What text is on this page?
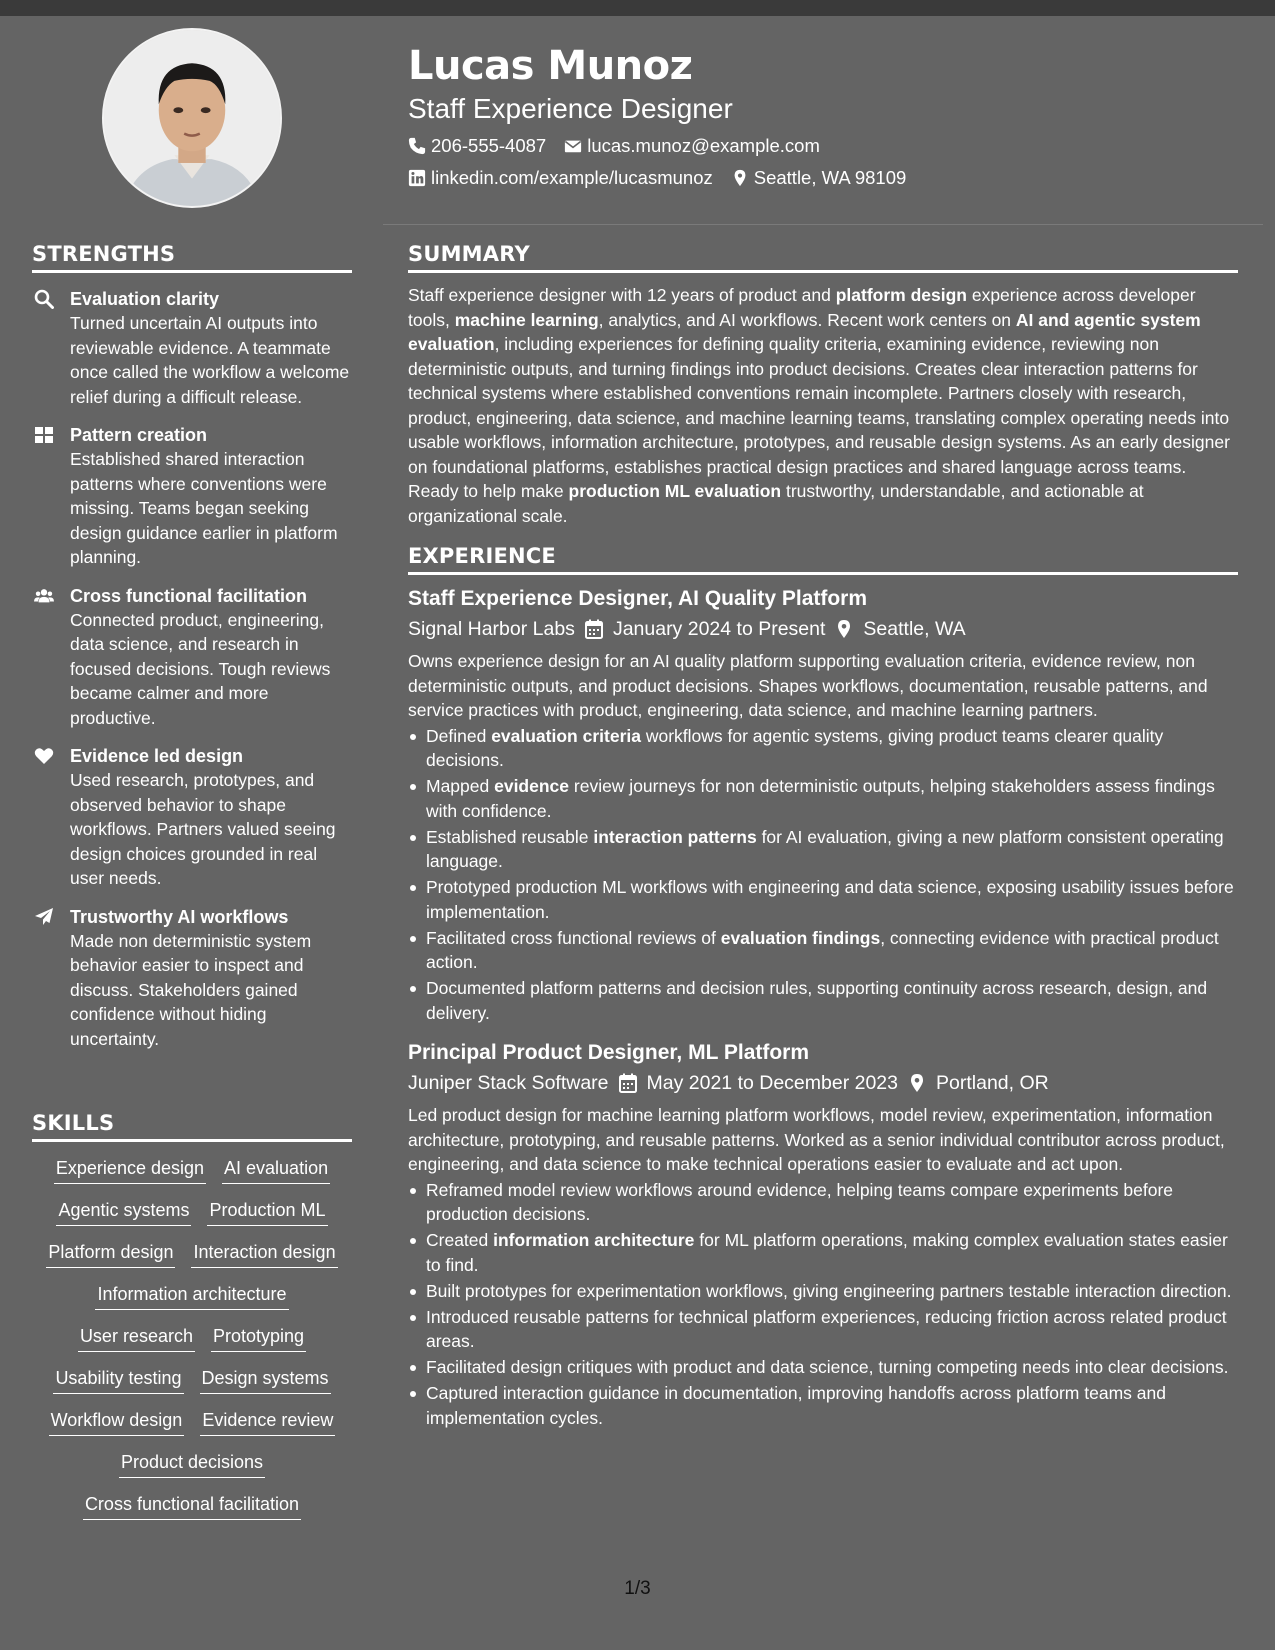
STRENGTHS
Evaluation clarity
Turned uncertain AI outputs into reviewable evidence. A teammate once called the workflow a welcome relief during a difficult release.
Pattern creation
Established shared interaction patterns where conventions were missing. Teams began seeking design guidance earlier in platform planning.
Cross functional facilitation
Connected product, engineering, data science, and research in focused decisions. Tough reviews became calmer and more productive.
Evidence led design
Used research, prototypes, and observed behavior to shape workflows. Partners valued seeing design choices grounded in real user needs.
Trustworthy AI workflows
Made non deterministic system behavior easier to inspect and discuss. Stakeholders gained confidence without hiding uncertainty.
SKILLS
Experience design AI evaluation
Agentic systems Production ML
Platform design Interaction design
Information architecture
User research Prototyping
Usability testing Design systems
Workflow design Evidence review
Product decisions
Cross functional facilitation
Lucas Munoz
Staff Experience Designer
206-555-4087 lucas.munoz@example.com
linkedin.com/example/lucasmunoz Seattle, WA 98109
SUMMARY
Staff experience designer with 12 years of product and platform design experience across developer tools, machine learning, analytics, and AI workflows. Recent work centers on AI and agentic system evaluation, including experiences for defining quality criteria, examining evidence, reviewing non deterministic outputs, and turning findings into product decisions. Creates clear interaction patterns for technical systems where established conventions remain incomplete. Partners closely with research, product, engineering, data science, and machine learning teams, translating complex operating needs into usable workflows, information architecture, prototypes, and reusable design systems. As an early designer on foundational platforms, establishes practical design practices and shared language across teams. Ready to help make production ML evaluation trustworthy, understandable, and actionable at organizational scale.
EXPERIENCE
Staff Experience Designer, AI Quality Platform
Signal Harbor Labs January 2024 to Present Seattle, WA
Owns experience design for an AI quality platform supporting evaluation criteria, evidence review, non deterministic outputs, and product decisions. Shapes workflows, documentation, reusable patterns, and service practices with product, engineering, data science, and machine learning partners.
Defined evaluation criteria workflows for agentic systems, giving product teams clearer quality decisions.
Mapped evidence review journeys for non deterministic outputs, helping stakeholders assess findings with confidence.
Established reusable interaction patterns for AI evaluation, giving a new platform consistent operating language.
Prototyped production ML workflows with engineering and data science, exposing usability issues before implementation.
Facilitated cross functional reviews of evaluation findings, connecting evidence with practical product action.
Documented platform patterns and decision rules, supporting continuity across research, design, and delivery.
Principal Product Designer, ML Platform
Juniper Stack Software May 2021 to December 2023 Portland, OR
Led product design for machine learning platform workflows, model review, experimentation, information architecture, prototyping, and reusable patterns. Worked as a senior individual contributor across product, engineering, and data science to make technical operations easier to evaluate and act upon.
Reframed model review workflows around evidence, helping teams compare experiments before production decisions.
Created information architecture for ML platform operations, making complex evaluation states easier to find.
Built prototypes for experimentation workflows, giving engineering partners testable interaction direction.
Introduced reusable patterns for technical platform experiences, reducing friction across related product areas.
Facilitated design critiques with product and data science, turning competing needs into clear decisions.
Captured interaction guidance in documentation, improving handoffs across platform teams and implementation cycles.
1/3
